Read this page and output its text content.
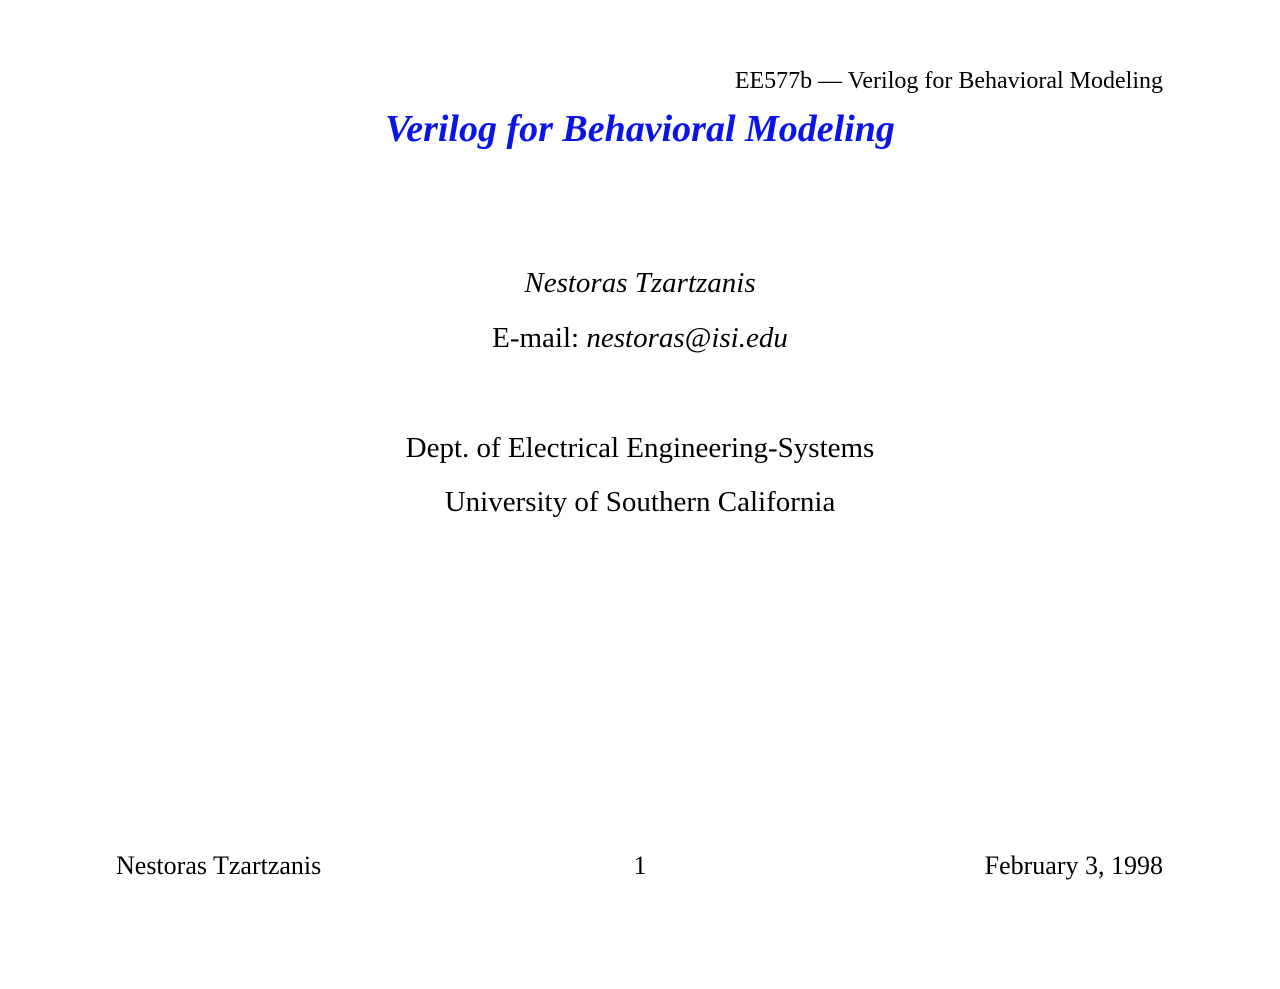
EE577b — Verilog for Behavioral Modeling
Verilog for Behavioral Modeling
Nestoras Tzartzanis
E-mail: nestoras@isi.edu
Dept. of Electrical Engineering-Systems
University of Southern California
Nestoras Tzartzanis	1	February 3, 1998
